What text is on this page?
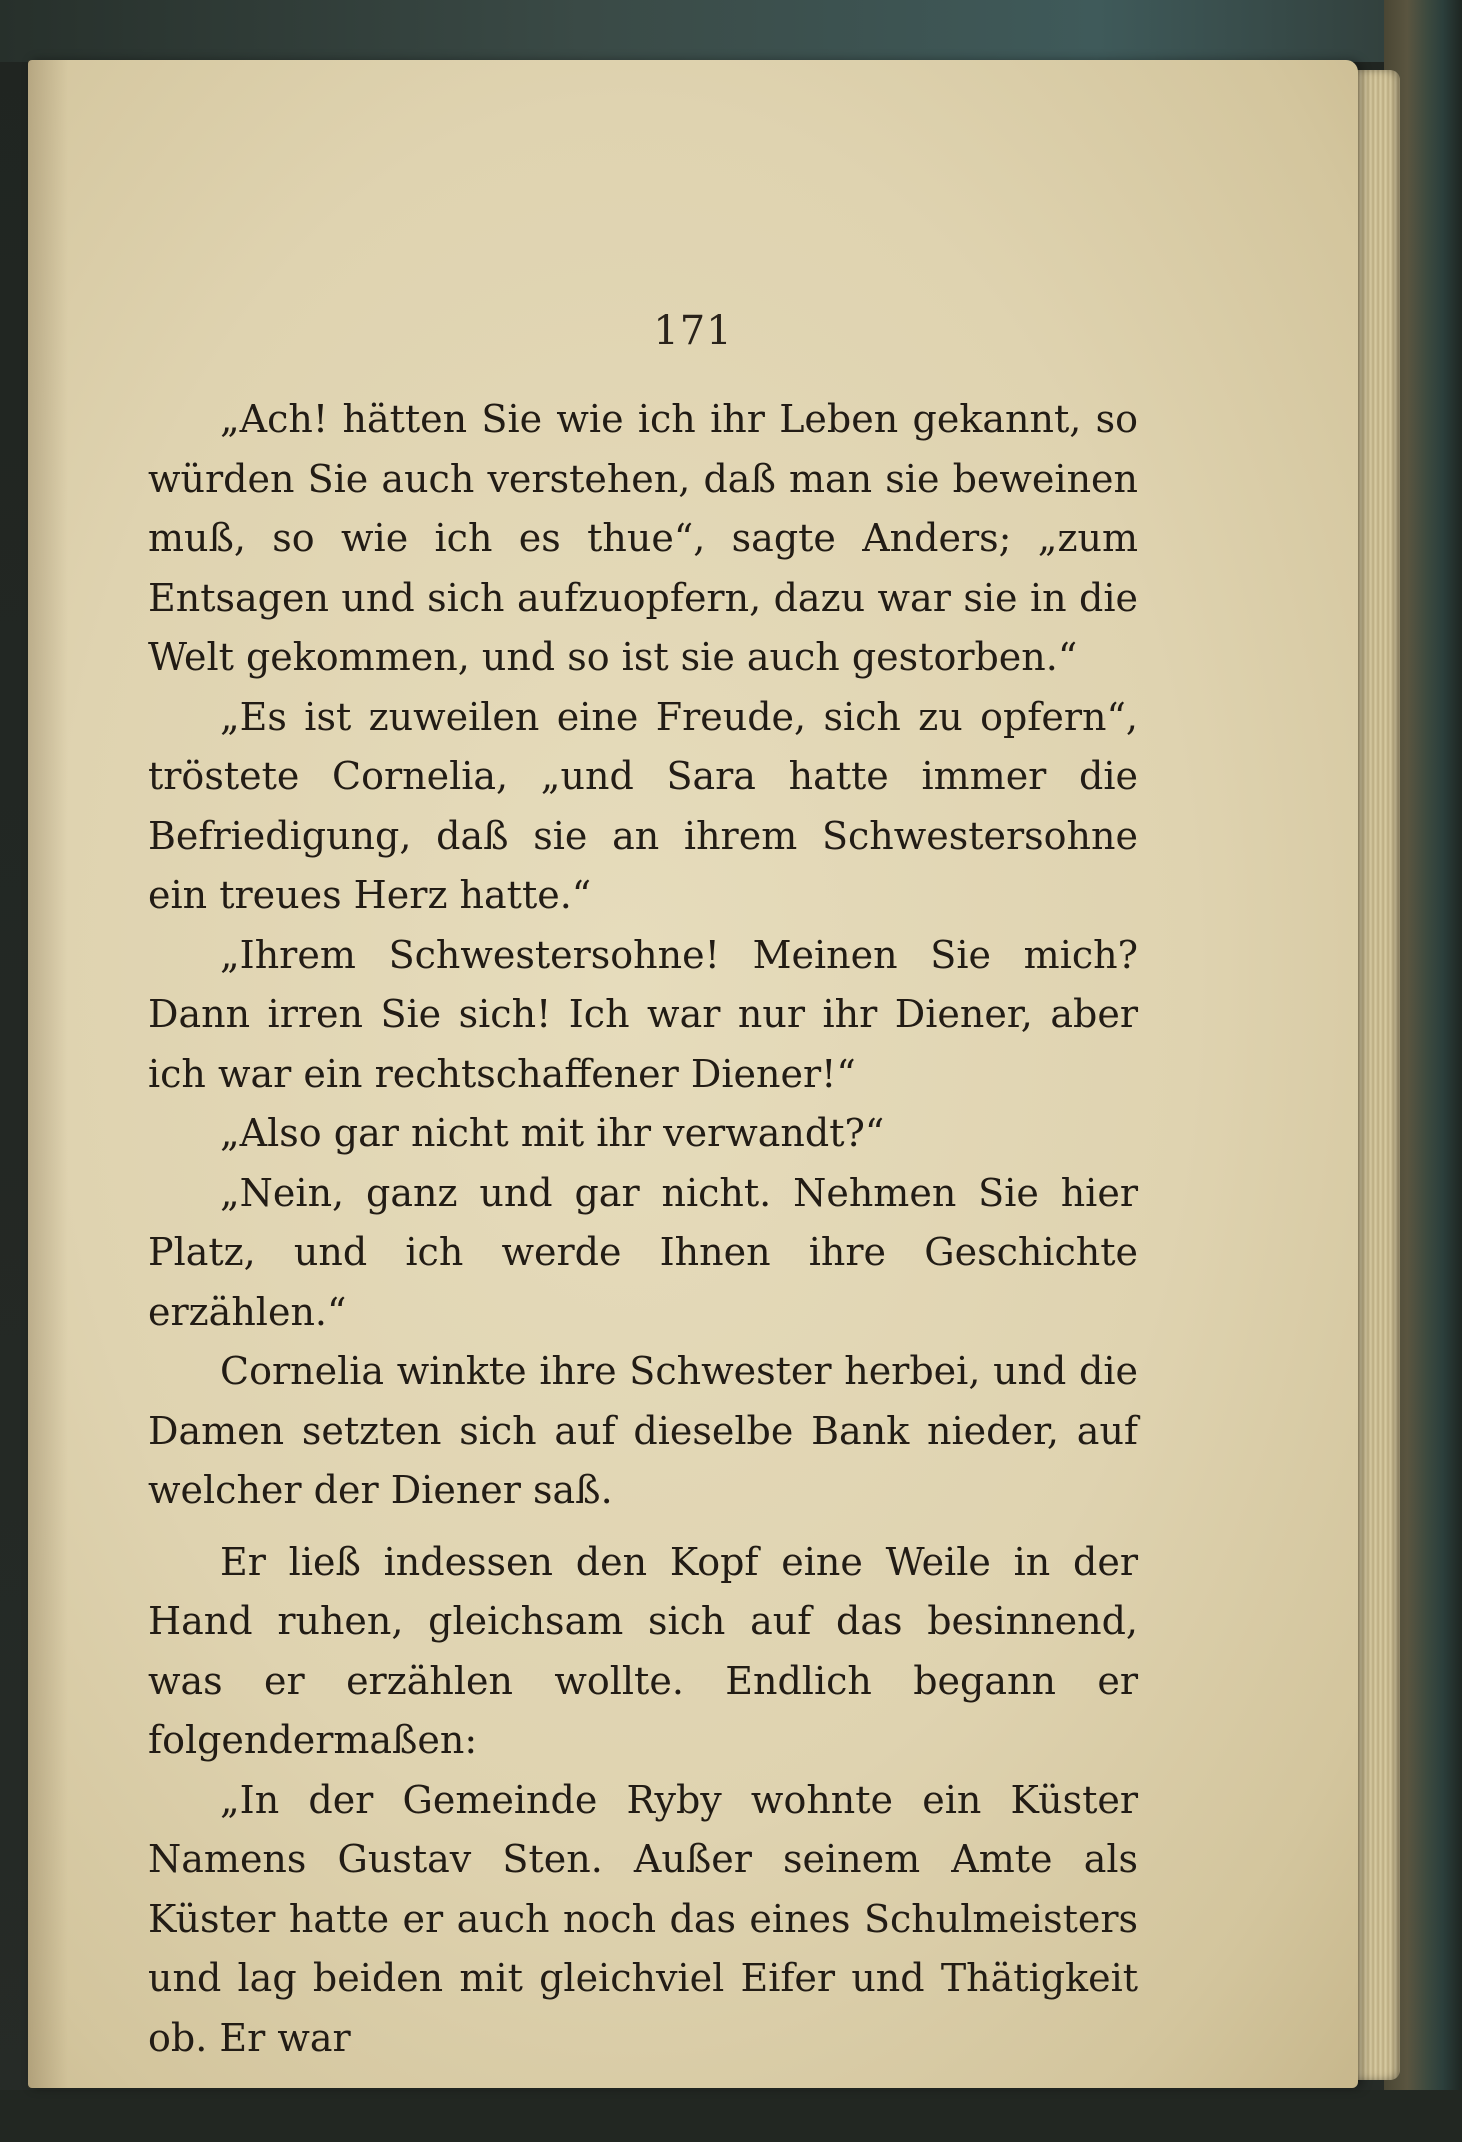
171

„Ach! hätten Sie wie ich ihr Leben gekannt, so würden Sie auch verstehen, daß man sie beweinen muß, so wie ich es thue“, sagte Anders; „zum Entsagen und sich aufzuopfern, dazu war sie in die Welt gekommen, und so ist sie auch gestorben.“

„Es ist zuweilen eine Freude, sich zu opfern“, tröstete Cornelia, „und Sara hatte immer die Befriedigung, daß sie an ihrem Schwestersohne ein treues Herz hatte.“

„Ihrem Schwestersohne! Meinen Sie mich? Dann irren Sie sich! Ich war nur ihr Diener, aber ich war ein rechtschaffener Diener!“

„Also gar nicht mit ihr verwandt?“

„Nein, ganz und gar nicht. Nehmen Sie hier Platz, und ich werde Ihnen ihre Geschichte erzählen.“

Cornelia winkte ihre Schwester herbei, und die Damen setzten sich auf dieselbe Bank nieder, auf welcher der Diener saß.

Er ließ indessen den Kopf eine Weile in der Hand ruhen, gleichsam sich auf das besinnend, was er erzählen wollte. Endlich begann er folgendermaßen:

„In der Gemeinde Ryby wohnte ein Küster Namens Gustav Sten. Außer seinem Amte als Küster hatte er auch noch das eines Schulmeisters und lag beiden mit gleichviel Eifer und Thätigkeit ob. Er war
